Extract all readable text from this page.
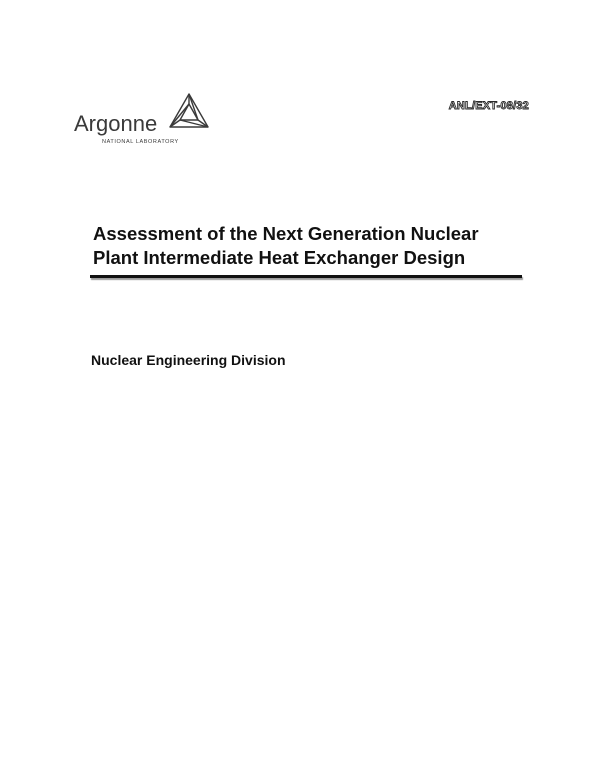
Argonne
NATIONAL LABORATORY
ANL/EXT-08/32
Assessment of the Next Generation Nuclear
Plant Intermediate Heat Exchanger Design
Nuclear Engineering Division
